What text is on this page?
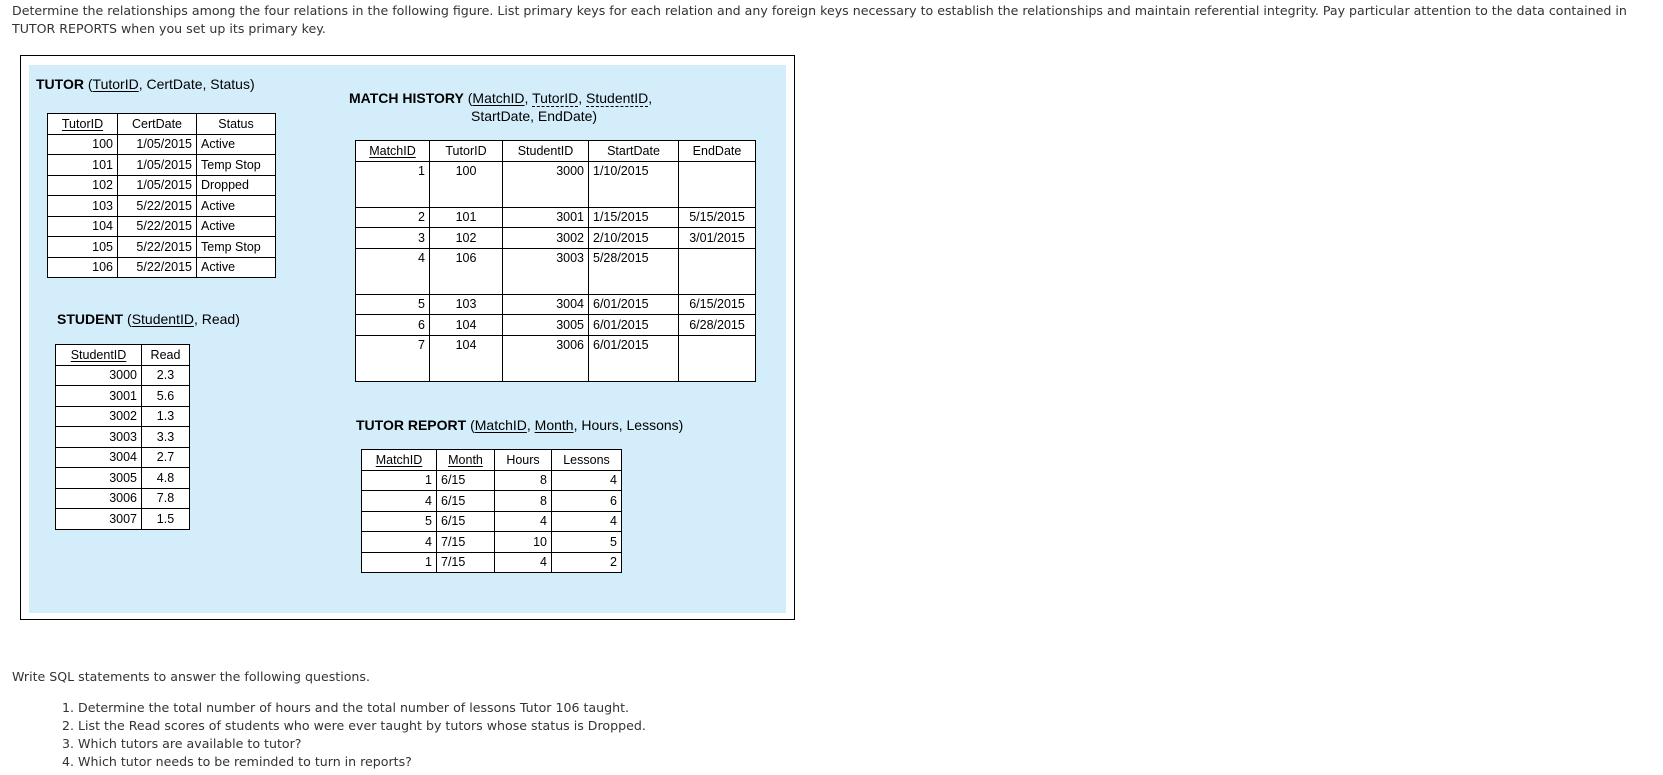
Determine the relationships among the four relations in the following figure. List primary keys for each relation and any foreign keys necessary to establish the relationships and maintain referential integrity. Pay particular attention to the data contained in TUTOR REPORTS when you set up its primary key.

TUTOR (TutorID, CertDate, Status)
TutorID	CertDate	Status
100	1/05/2015	Active
101	1/05/2015	Temp Stop
102	1/05/2015	Dropped
103	5/22/2015	Active
104	5/22/2015	Active
105	5/22/2015	Temp Stop
106	5/22/2015	Active
STUDENT (StudentID, Read)
StudentID	Read
3000	2.3
3001	5.6
3002	1.3
3003	3.3
3004	2.7
3005	4.8
3006	7.8
3007	1.5
MATCH HISTORY (MatchID, TutorID, StudentID,
StartDate, EndDate)
MatchID	TutorID	StudentID	StartDate	EndDate
1	100	3000	1/10/2015	
2	101	3001	1/15/2015	5/15/2015
3	102	3002	2/10/2015	3/01/2015
4	106	3003	5/28/2015	
5	103	3004	6/01/2015	6/15/2015
6	104	3005	6/01/2015	6/28/2015
7	104	3006	6/01/2015	
TUTOR REPORT (MatchID, Month, Hours, Lessons)
MatchID	Month	Hours	Lessons
1	6/15	8	4
4	6/15	8	6
5	6/15	4	4
4	7/15	10	5
1	7/15	4	2

Write SQL statements to answer the following questions.

1. Determine the total number of hours and the total number of lessons Tutor 106 taught.
2. List the Read scores of students who were ever taught by tutors whose status is Dropped.
3. Which tutors are available to tutor?
4. Which tutor needs to be reminded to turn in reports?
